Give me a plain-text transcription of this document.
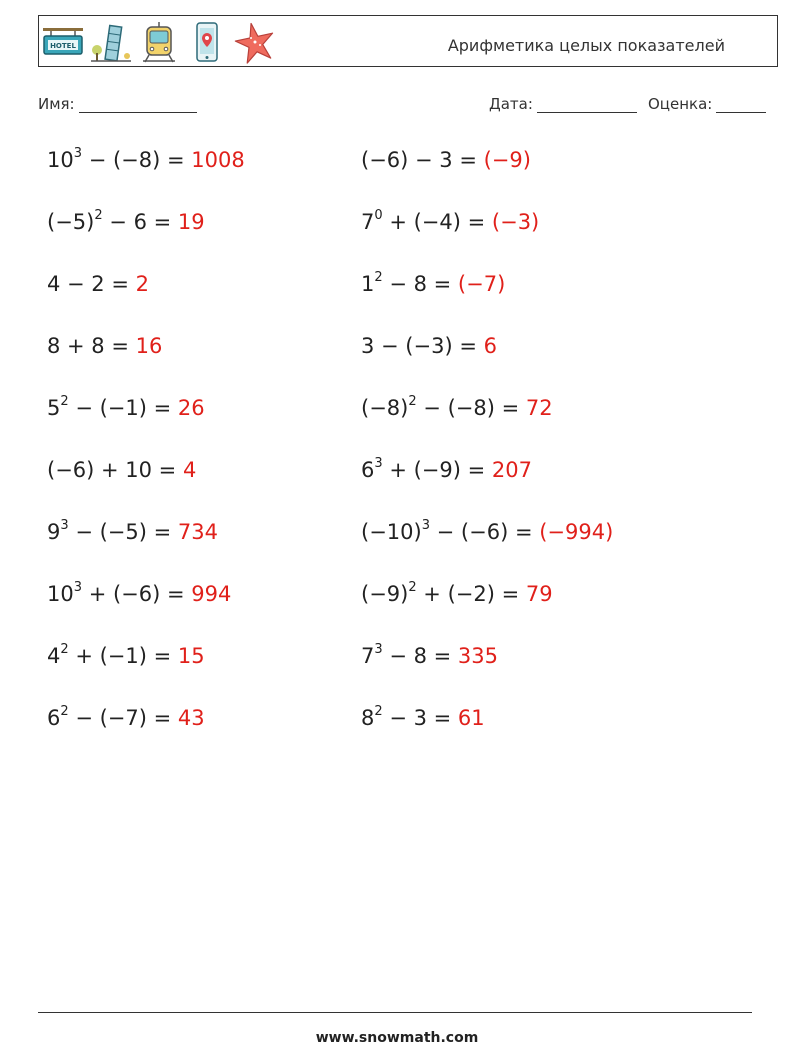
HOTEL	Арифметика целых показателей
Имя:	Дата:	Оценка:
$10^3 - (-8) = 1008$	(−6) − 3 = (−9)
$(-5)^2 - 6 = 19$	$7^0 + (-4) = (-3)$
4 − 2 = 2	$1^2 - 8 = (-7)$
8 + 8 = 16	3 − (−3) = 6
$5^2 - (-1) = 26$	$(-8)^2 - (-8) = 72$
(−6) + 10 = 4	$6^3 + (-9) = 207$
$9^3 - (-5) = 734$	$(-10)^3 - (-6) = (-994)$
$10^3 + (-6) = 994$	$(-9)^2 + (-2) = 79$
$4^2 + (-1) = 15$	$7^3 - 8 = 335$
$6^2 - (-7) = 43$	$8^2 - 3 = 61$
www.snowmath.com
